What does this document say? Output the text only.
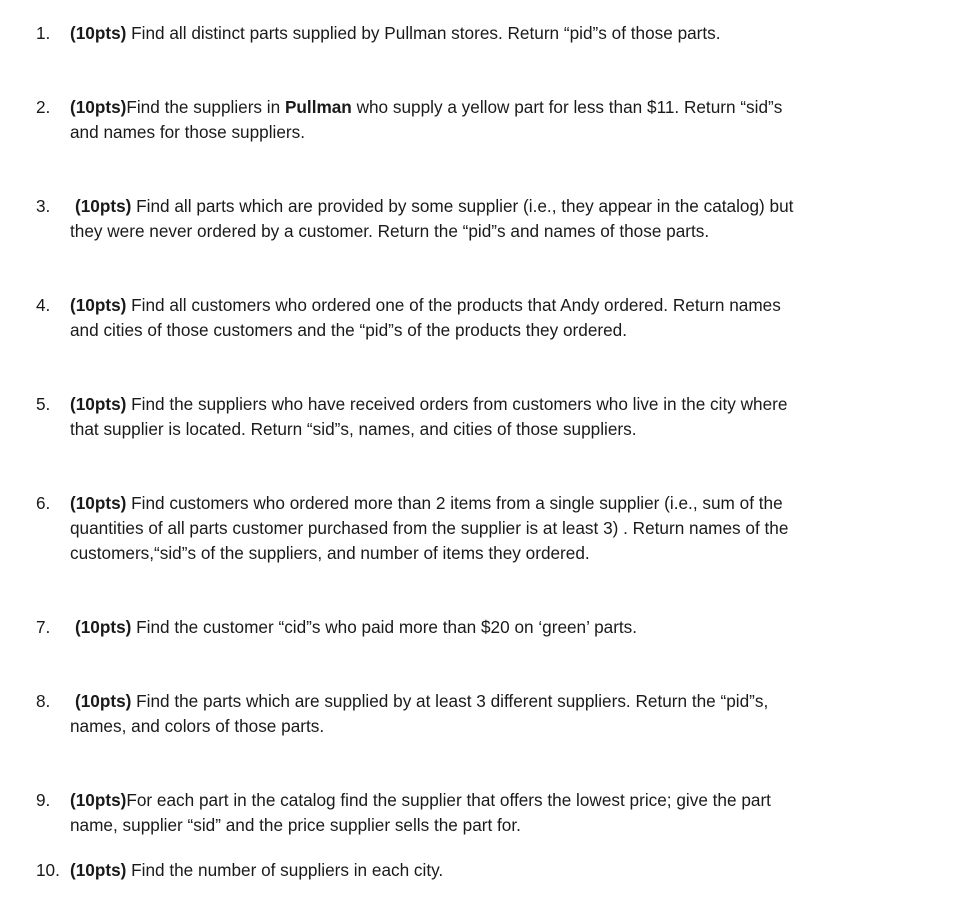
1.	(10pts) Find all distinct parts supplied by Pullman stores. Return “pid”s of those parts.
2.	(10pts)Find the suppliers in Pullman who supply a yellow part for less than $11. Return “sid”s
and names for those suppliers.
3.	(10pts) Find all parts which are provided by some supplier (i.e., they appear in the catalog) but
they were never ordered by a customer. Return the “pid”s and names of those parts.
4.	(10pts) Find all customers who ordered one of the products that Andy ordered. Return names
and cities of those customers and the “pid”s of the products they ordered.
5.	(10pts) Find the suppliers who have received orders from customers who live in the city where
that supplier is located. Return “sid”s, names, and cities of those suppliers.
6.	(10pts) Find customers who ordered more than 2 items from a single supplier (i.e., sum of the
quantities of all parts customer purchased from the supplier is at least 3) . Return names of the
customers,“sid”s of the suppliers, and number of items they ordered.
7.	(10pts) Find the customer “cid”s who paid more than $20 on ‘green’ parts.
8.	(10pts) Find the parts which are supplied by at least 3 different suppliers. Return the “pid”s,
names, and colors of those parts.
9.	(10pts)For each part in the catalog find the supplier that offers the lowest price; give the part
name, supplier “sid” and the price supplier sells the part for.
10. (10pts) Find the number of suppliers in each city.
